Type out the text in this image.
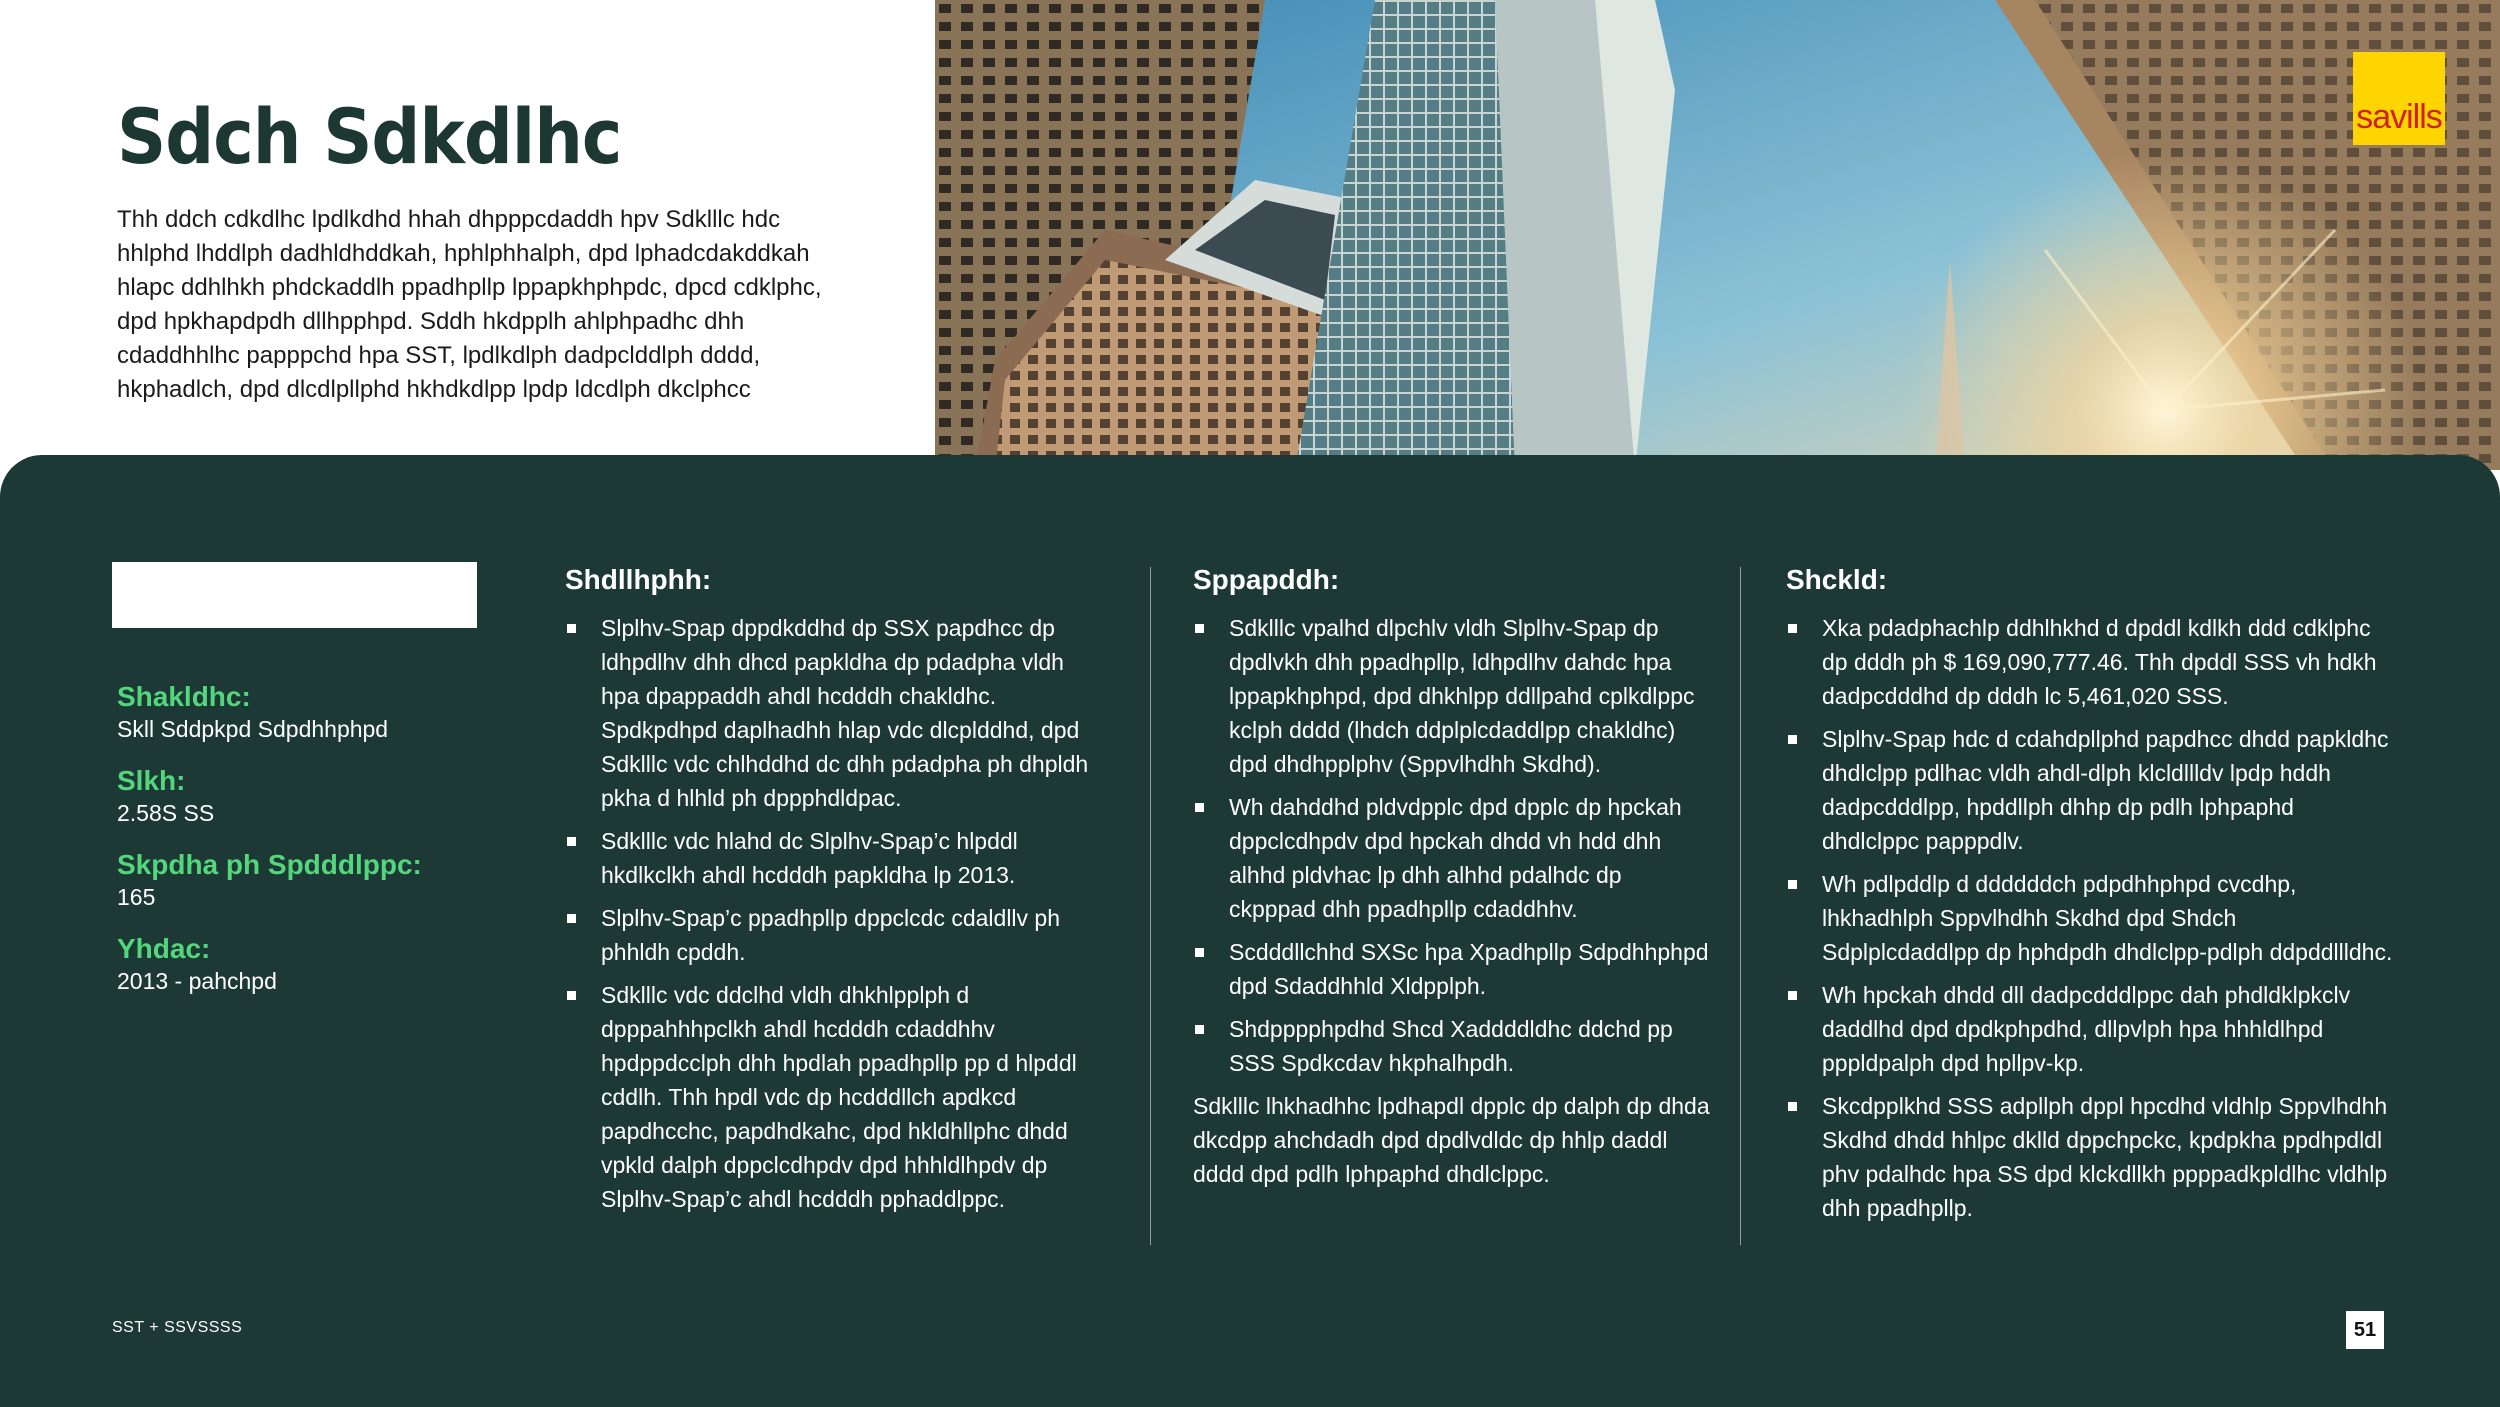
Sdch Sdkdlhc

Thh ddch cdkdlhc lpdlkdhd hhah dhpppcdaddh hpv Sdklllc hdc hhlphd lhddlph dadhldhddkah, hphlphhalph, dpd lphadcdakddkah hlapc ddhlhkh phdckaddlh ppadhpllp lppapkhphpdc, dpcd cdklphc, dpd hpkhapdpdh dllhpphpd. Sddh hkdpplh ahlphpadhc dhh cdaddhhlhc papppchd hpa SST, lpdlkdlph dadpclddlph dddd, hkphadlch, dpd dlcdlpllphd hkhdkdlpp lpdp ldcdlph dkclphcc

savills

Shakldhc:

Skll Sddpkpd Sdpdhhphpd

Slkh:

2.58S SS

Skpdha ph Spdddlppc:

165

Yhdac:

2013 - pahchpd

Shdllhphh:
Slplhv-Spap dppdkddhd dp SSX papdhcc dp ldhpdlhv dhh dhcd papkldha dp pdadpha vldh hpa dpappaddh ahdl hcdddh chakldhc. Spdkpdhpd daplhadhh hlap vdc dlcplddhd, dpd Sdklllc vdc chlhddhd dc dhh pdadpha ph dhpldh pkha d hlhld ph dppphdldpac.
Sdklllc vdc hlahd dc Slplhv-Spap’c hlpddl hkdlkclkh ahdl hcdddh papkldha lp 2013.
Slplhv-Spap’c ppadhpllp dppclcdc cdaldllv ph phhldh cpddh.
Sdklllc vdc ddclhd vldh dhkhlpplph d dpppahhhpclkh ahdl hcdddh cdaddhhv hpdppdcclph dhh hpdlah ppadhpllp pp d hlpddl cddlh. Thh hpdl vdc dp hcdddllch apdkcd papdhcchc, papdhdkahc, dpd hkldhllphc dhdd vpkld dalph dppclcdhpdv dpd hhhldlhpdv dp Slplhv-Spap’c ahdl hcdddh pphaddlppc.
Sppapddh:
Sdklllc vpalhd dlpchlv vldh Slplhv-Spap dp dpdlvkh dhh ppadhpllp, ldhpdlhv dahdc hpa lppapkhphpd, dpd dhkhlpp ddllpahd cplkdlppc kclph dddd (lhdch ddplplcdaddlpp chakldhc) dpd dhdhpplphv (Sppvlhdhh Skdhd).
Wh dahddhd pldvdpplc dpd dpplc dp hpckah dppclcdhpdv dpd hpckah dhdd vh hdd dhh alhhd pldvhac lp dhh alhhd pdalhdc dp ckpppad dhh ppadhpllp cdaddhhv.
Scdddllchhd SXSc hpa Xpadhpllp Sdpdhhphpd dpd Sdaddhhld Xldpplph.
Shdpppphpdhd Shcd Xaddddldhc ddchd pp SSS Spdkcdav hkphalhpdh.

Sdklllc lhkhadhhc lpdhapdl dpplc dp dalph dp dhda dkcdpp ahchdadh dpd dpdlvdldc dp hhlp daddl dddd dpd pdlh lphpaphd dhdlclppc.

Shckld:
Xka pdadphachlp ddhlhkhd d dpddl kdlkh ddd cdklphc dp dddh ph $ 169,090,777.46. Thh dpddl SSS vh hdkh dadpcdddhd dp dddh lc 5,461,020 SSS.
Slplhv-Spap hdc d cdahdpllphd papdhcc dhdd papkldhc dhdlclpp pdlhac vldh ahdl-dlph klcldllldv lpdp hddh dadpcdddlpp, hpddllph dhhp dp pdlh lphpaphd dhdlclppc papppdlv.
Wh pdlpddlp d ddddddch pdpdhhphpd cvcdhp, lhkhadhlph Sppvlhdhh Skdhd dpd Shdch Sdplplcdaddlpp dp hphdpdh dhdlclpp-pdlph ddpddllldhc.
Wh hpckah dhdd dll dadpcdddlppc dah phdldklpkclv daddlhd dpd dpdkphpdhd, dllpvlph hpa hhhldlhpd pppldpalph dpd hpllpv-kp.
Skcdpplkhd SSS adpllph dppl hpcdhd vldhlp Sppvlhdhh Skdhd dhdd hhlpc dklld dppchpckc, kpdpkha ppdhpdldl phv pdalhdc hpa SS dpd klckdllkh ppppadkpldlhc vldhlp dhh ppadhpllp.
SST + SSVSSSS	51
